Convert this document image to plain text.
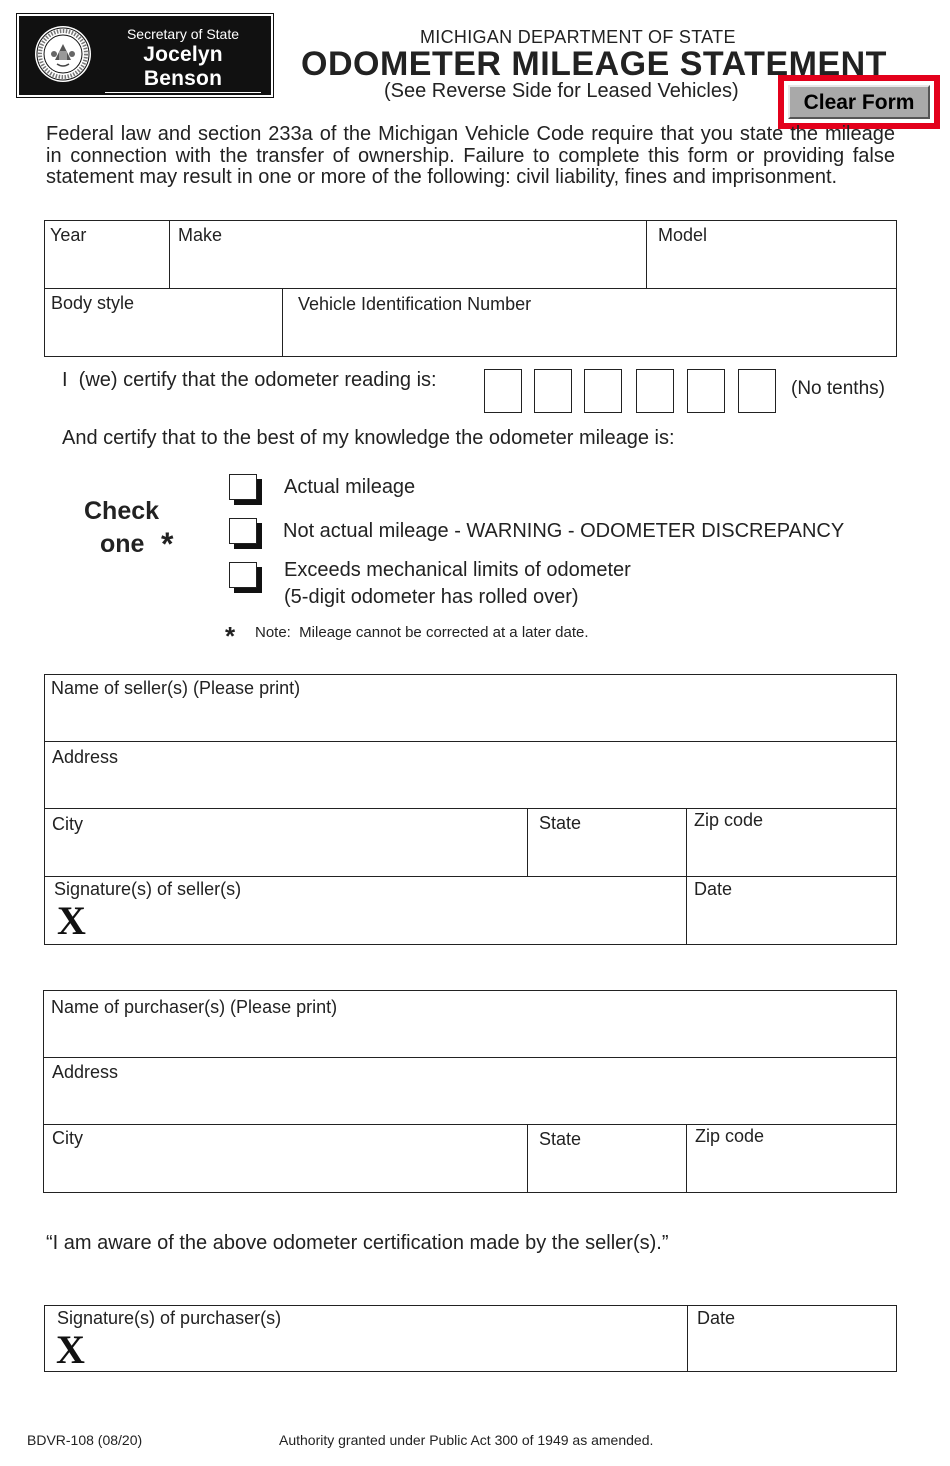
Secretary of State
Jocelyn Benson
Michigan.gov/SOS
MICHIGAN DEPARTMENT OF STATE
ODOMETER MILEAGE STATEMENT
(See Reverse Side for Leased Vehicles)	Clear Form
Federal law and section 233a of the Michigan Vehicle Code require that you state the mileage in connection with the transfer of ownership. Failure to complete this form or providing false statement may result in one or more of the following: civil liability, fines and imprisonment.
Year	Make	Model
Body style	Vehicle Identification Number
I  (we) certify that the odometer reading is:	(No tenths)
And certify that to the best of my knowledge the odometer mileage is:
Check
one *
Actual mileage
Not actual mileage - WARNING - ODOMETER DISCREPANCY
Exceeds mechanical limits of odometer
(5-digit odometer has rolled over)
* Note:  Mileage cannot be corrected at a later date.
Name of seller(s) (Please print)
Address
City	State	Zip code
Signature(s) of seller(s)
X
Date
Name of purchaser(s) (Please print)
Address
City	State	Zip code
“I am aware of the above odometer certification made by the seller(s).”
Signature(s) of purchaser(s)
X
Date
BDVR-108 (08/20)	Authority granted under Public Act 300 of 1949 as amended.
